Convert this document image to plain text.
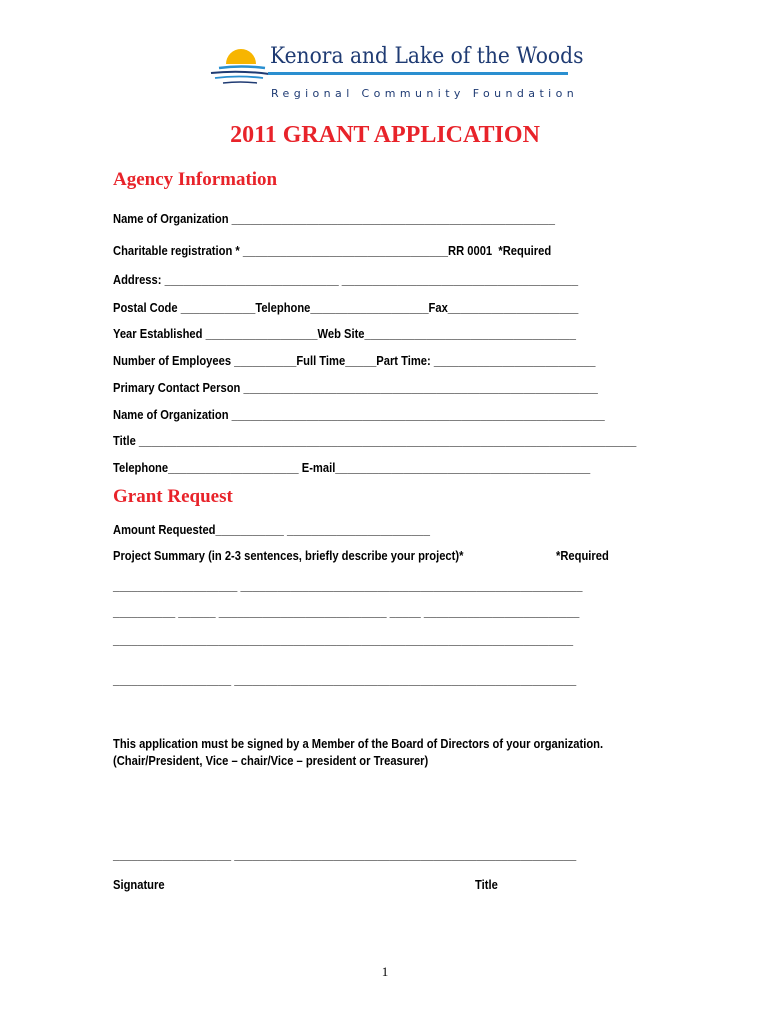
Kenora and Lake of the Woods
Regional Community Foundation
2011 GRANT APPLICATION
Agency Information
Name of Organization ____________________________________________________
Charitable registration * _________________________________RR 0001  *Required
Address: ____________________________ ______________________________________
Postal Code ____________Telephone___________________Fax_____________________
Year Established __________________Web Site__________________________________
Number of Employees __________Full Time_____Part Time: __________________________
Primary Contact Person _________________________________________________________
Name of Organization ____________________________________________________________
Title ________________________________________________________________________________
Telephone_____________________ E-mail_________________________________________
Grant Request
Amount Requested___________ _______________________
Project Summary (in 2-3 sentences, briefly describe your project)*	*Required
____________________ _______________________________________________________
__________ ______ ___________________________ _____ _________________________
__________________________________________________________________________
___________________ _______________________________________________________
This application must be signed by a Member of the Board of Directors of your organization.
(Chair/President, Vice – chair/Vice – president or Treasurer)
___________________ _______________________________________________________
Signature	Title
1
